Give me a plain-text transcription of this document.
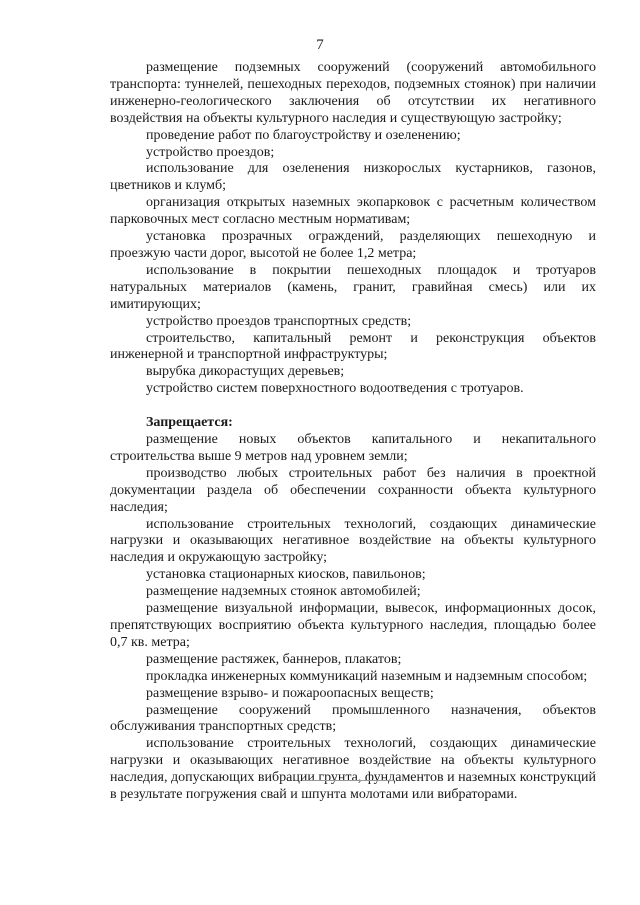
7

размещение подземных сооружений (сооружений автомобильного транспорта: туннелей, пешеходных переходов, подземных стоянок) при наличии инженерно-геологического заключения об отсутствии их негативного воздействия на объекты культурного наследия и существующую застройку;

проведение работ по благоустройству и озеленению;

устройство проездов;

использование для озеленения низкорослых кустарников, газонов, цветников и клумб;

организация открытых наземных экопарковок с расчетным количеством парковочных мест согласно местным нормативам;

установка прозрачных ограждений, разделяющих пешеходную и проезжую части дорог, высотой не более 1,2 метра;

использование в покрытии пешеходных площадок и тротуаров натуральных материалов (камень, гранит, гравийная смесь) или их имитирующих;

устройство проездов транспортных средств;

строительство, капитальный ремонт и реконструкция объектов инженерной и транспортной инфраструктуры;

вырубка дикорастущих деревьев;

устройство систем поверхностного водоотведения с тротуаров.

Запрещается:

размещение новых объектов капитального и некапитального строительства выше 9 метров над уровнем земли;

производство любых строительных работ без наличия в проектной документации раздела об обеспечении сохранности объекта культурного наследия;

использование строительных технологий, создающих динамические нагрузки и оказывающих негативное воздействие на объекты культурного наследия и окружающую застройку;

установка стационарных киосков, павильонов;

размещение надземных стоянок автомобилей;

размещение визуальной информации, вывесок, информационных досок, препятствующих восприятию объекта культурного наследия, площадью более 0,7 кв. метра;

размещение растяжек, баннеров, плакатов;

прокладка инженерных коммуникаций наземным и надземным способом;

размещение взрыво- и пожароопасных веществ;

размещение сооружений промышленного назначения, объектов обслуживания транспортных средств;

использование строительных технологий, создающих динамические нагрузки и оказывающих негативное воздействие на объекты культурного наследия, допускающих вибрации грунта, фундаментов и наземных конструкций в результате погружения свай и шпунта молотами или вибраторами.
